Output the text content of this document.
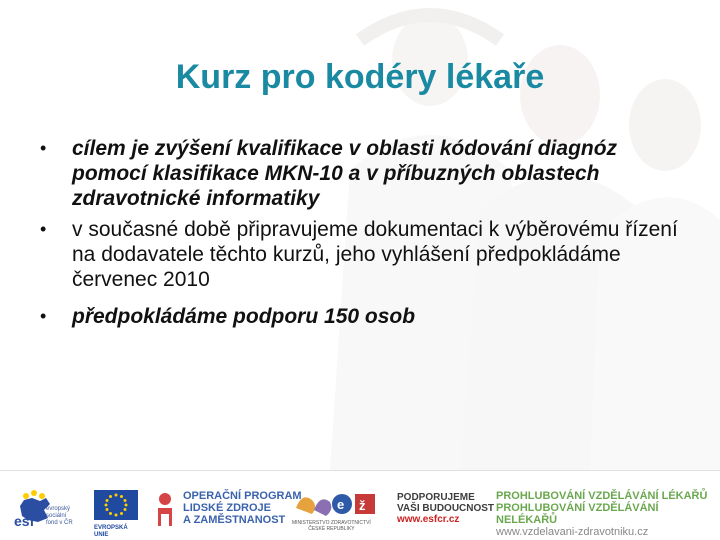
Kurz pro kodéry lékaře
• cílem je zvýšení kvalifikace v oblasti kódování diagnóz pomocí klasifikace MKN-10 a v příbuzných oblastech zdravotnické informatiky
• v současné době připravujeme dokumentaci k výběrovému řízení na dodavatele těchto kurzů, jeho vyhlášení předpokládáme červenec 2010
• předpokládáme podporu 150 osob
esf
evropský
sociální
fond v ČR
EVROPSKÁ UNIE
OPERAČNÍ PROGRAM
LIDSKÉ ZDROJE
A ZAMĚSTNANOST
e ž
MINISTERSTVO ZDRAVOTNICTVÍ
ČESKÉ REPUBLIKY
PODPORUJEME
VAŠI BUDOUCNOST
www.esfcr.cz
PROHLUBOVÁNÍ VZDĚLÁVÁNÍ LÉKAŘŮ
PROHLUBOVÁNÍ VZDĚLÁVÁNÍ NELÉKAŘŮ
www.vzdelavani-zdravotniku.cz
